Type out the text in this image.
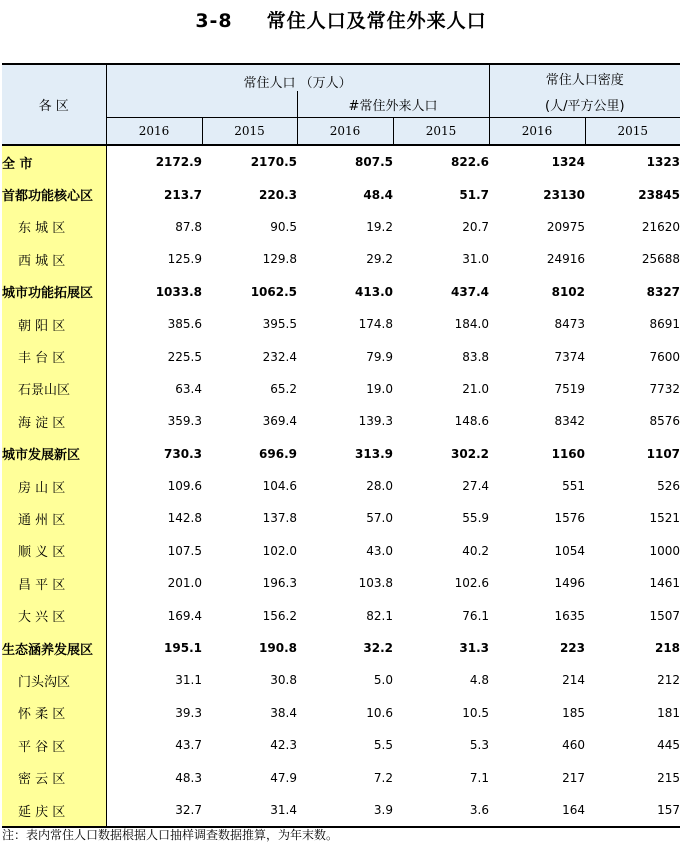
3-8 常住人口及常住外来人口
各 区	常住人口 （万人）				常住人口密度	
			#常住外来人口		(人/平方公里)	
	2016	2015	2016	2015	2016	2015
全 市	2172.9	2170.5	807.5	822.6	1324	1323
首都功能核心区	213.7	220.3	48.4	51.7	23130	23845
东 城 区	87.8	90.5	19.2	20.7	20975	21620
西 城 区	125.9	129.8	29.2	31.0	24916	25688
城市功能拓展区	1033.8	1062.5	413.0	437.4	8102	8327
朝 阳 区	385.6	395.5	174.8	184.0	8473	8691
丰 台 区	225.5	232.4	79.9	83.8	7374	7600
石景山区	63.4	65.2	19.0	21.0	7519	7732
海 淀 区	359.3	369.4	139.3	148.6	8342	8576
城市发展新区	730.3	696.9	313.9	302.2	1160	1107
房 山 区	109.6	104.6	28.0	27.4	551	526
通 州 区	142.8	137.8	57.0	55.9	1576	1521
顺 义 区	107.5	102.0	43.0	40.2	1054	1000
昌 平 区	201.0	196.3	103.8	102.6	1496	1461
大 兴 区	169.4	156.2	82.1	76.1	1635	1507
生态涵养发展区	195.1	190.8	32.2	31.3	223	218
门头沟区	31.1	30.8	5.0	4.8	214	212
怀 柔 区	39.3	38.4	10.6	10.5	185	181
平 谷 区	43.7	42.3	5.5	5.3	460	445
密 云 区	48.3	47.9	7.2	7.1	217	215
延 庆 区	32.7	31.4	3.9	3.6	164	157
注：表内常住人口数据根据人口抽样调查数据推算，为年末数。
